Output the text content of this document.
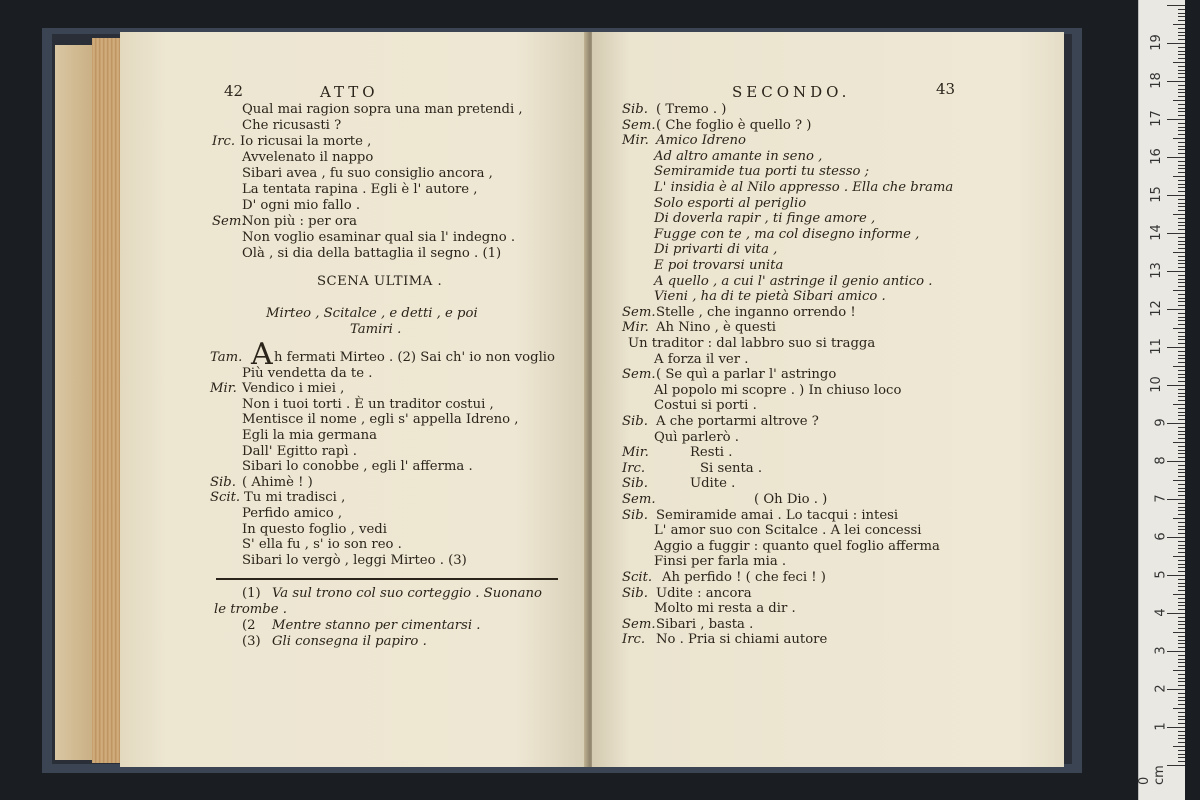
42	ATTO
Qual mai ragion sopra una man pretendi ,
Che ricusasti ?
Irc. Io ricusai la morte ,
Avvelenato il nappo
Sibari avea , fu suo consiglio ancora ,
La tentata rapina . Egli è l' autore ,
D' ogni mio fallo .
Sem.
Non più : per ora
Non voglio esaminar qual sia l' indegno .
Olà , si dia della battaglia il segno . (1)
SCENA ULTIMA .
Mirteo , Scitalce , e detti , e poi
Tamiri .
A
Tam. h fermati Mirteo . (2) Sai ch' io non voglio
Più vendetta da te .
Mir. Vendico i miei ,
Non i tuoi torti . È un traditor costui ,
Mentisce il nome , egli s' appella Idreno ,
Egli la mia germana
Dall' Egitto rapì .
Sibari lo conobbe , egli l' afferma .
Sib. ( Ahimè ! )
Scit. Tu mi tradisci ,
Perfido amico ,
In questo foglio , vedi
S' ella fu , s' io son reo .
Sibari lo vergò , leggi Mirteo . (3)
(1) Va sul trono col suo corteggio . Suonano
le trombe .
(2 Mentre stanno per cimentarsi .
(3) Gli consegna il papiro .
SECONDO.	43
Sib. ( Tremo . )
Sem. ( Che foglio è quello ? )
Mir. Amico Idreno
Ad altro amante in seno ,
Semiramide tua porti tu stesso ;
L' insidia è al Nilo appresso . Ella che brama
Solo esporti al periglio
Di doverla rapir , ti finge amore ,
Fugge con te , ma col disegno informe ,
Di privarti di vita ,
E poi trovarsi unita
A quello , a cui l' astringe il genio antico .
Vieni , ha di te pietà Sibari amico .
Sem. Stelle , che inganno orrendo !
Mir. Ah Nino , è questi
Un traditor : dal labbro suo si tragga
A forza il ver .
Sem. ( Se quì a parlar l' astringo
Al popolo mi scopre . ) In chiuso loco
Costui si porti .
Sib. A che portarmi altrove ?
Quì parlerò .
Mir.	Resti .
Irc.	Si senta .
Sib.	Udite .
Sem.	( Oh Dio . )
Sib. Semiramide amai . Lo tacqui : intesi
L' amor suo con Scitalce . A lei concessi
Aggio a fuggir : quanto quel foglio afferma
Finsi per farla mia .
Scit. Ah perfido ! ( che feci ! )
Sib. Udite : ancora
Molto mi resta a dir .
Sem. Sibari , basta .
Irc. No . Pria si chiami autore
0 cm
1
2
3
4
5
6
7
8
9
10
11
12
13
14
15
16
17
18
19
